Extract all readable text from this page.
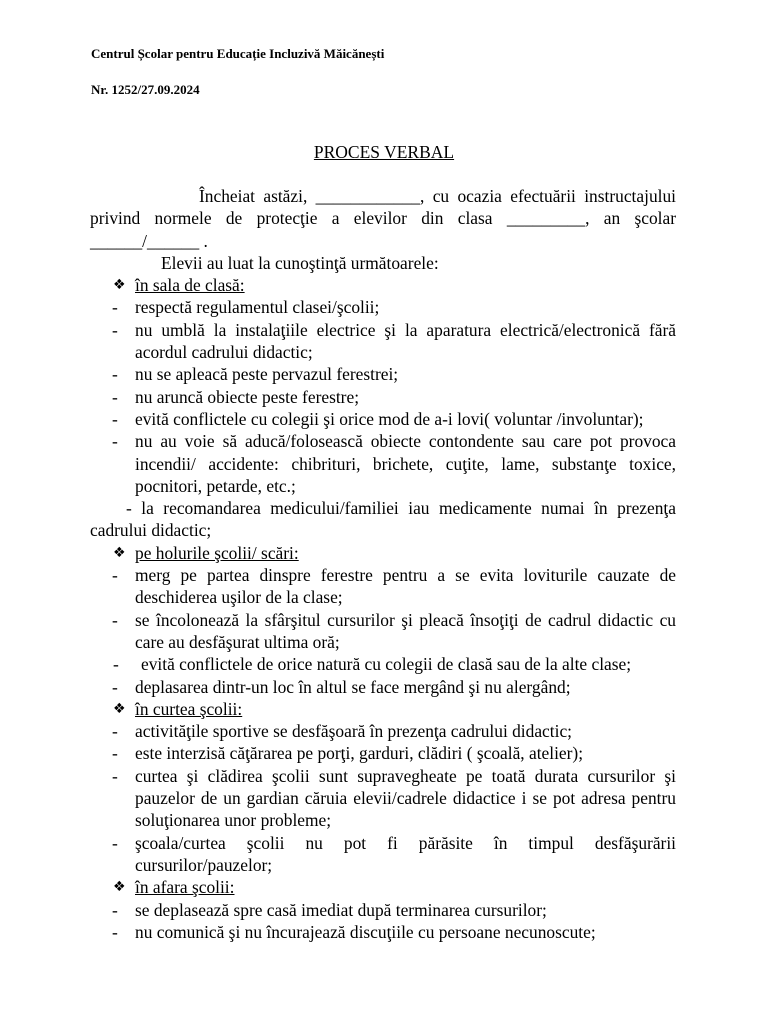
Centrul Școlar pentru Educație Incluzivă Măicănești
Nr. 1252/27.09.2024
PROCES VERBAL
Încheiat astăzi, ____________, cu ocazia efectuării instructajului privind normele de protecţie a elevilor din clasa _________, an şcolar ______/______ .
Elevii au luat la cunoştinţă următoarele:
❖ în sala de clasă:
- respectă regulamentul clasei/şcolii;
- nu umblă la instalaţiile electrice şi la aparatura electrică/electronică fără acordul cadrului didactic;
- nu se apleacă peste pervazul ferestrei;
- nu aruncă obiecte peste ferestre;
- evită conflictele cu colegii şi orice mod de a-i lovi( voluntar /involuntar);
- nu au voie să aducă/folosească obiecte contondente sau care pot provoca incendii/ accidente: chibrituri, brichete, cuţite, lame, substanţe toxice, pocnitori, petarde, etc.;
- la recomandarea medicului/familiei iau medicamente numai în prezenţa cadrului didactic;
❖ pe holurile şcolii/ scări:
- merg pe partea dinspre ferestre pentru a se evita loviturile cauzate de deschiderea uşilor de la clase;
- se încolonează la sfârşitul cursurilor şi pleacă însoţiţi de cadrul didactic cu care au desfăşurat ultima oră;
-	evită conflictele de orice natură cu colegii de clasă sau de la alte clase;
- deplasarea dintr-un loc în altul se face mergând şi nu alergând;
❖ în curtea şcolii:
- activităţile sportive se desfăşoară în prezenţa cadrului didactic;
- este interzisă căţărarea pe porţi, garduri, clădiri ( şcoală, atelier);
- curtea şi clădirea şcolii sunt supravegheate pe toată durata cursurilor şi pauzelor de un gardian căruia elevii/cadrele didactice i se pot adresa pentru soluţionarea unor probleme;
- şcoala/curtea şcolii nu pot fi părăsite în timpul desfăşurării cursurilor/pauzelor;
❖ în afara şcolii:
- se deplasează spre casă imediat după terminarea cursurilor;
- nu comunică şi nu încurajează discuţiile cu persoane necunoscute;
